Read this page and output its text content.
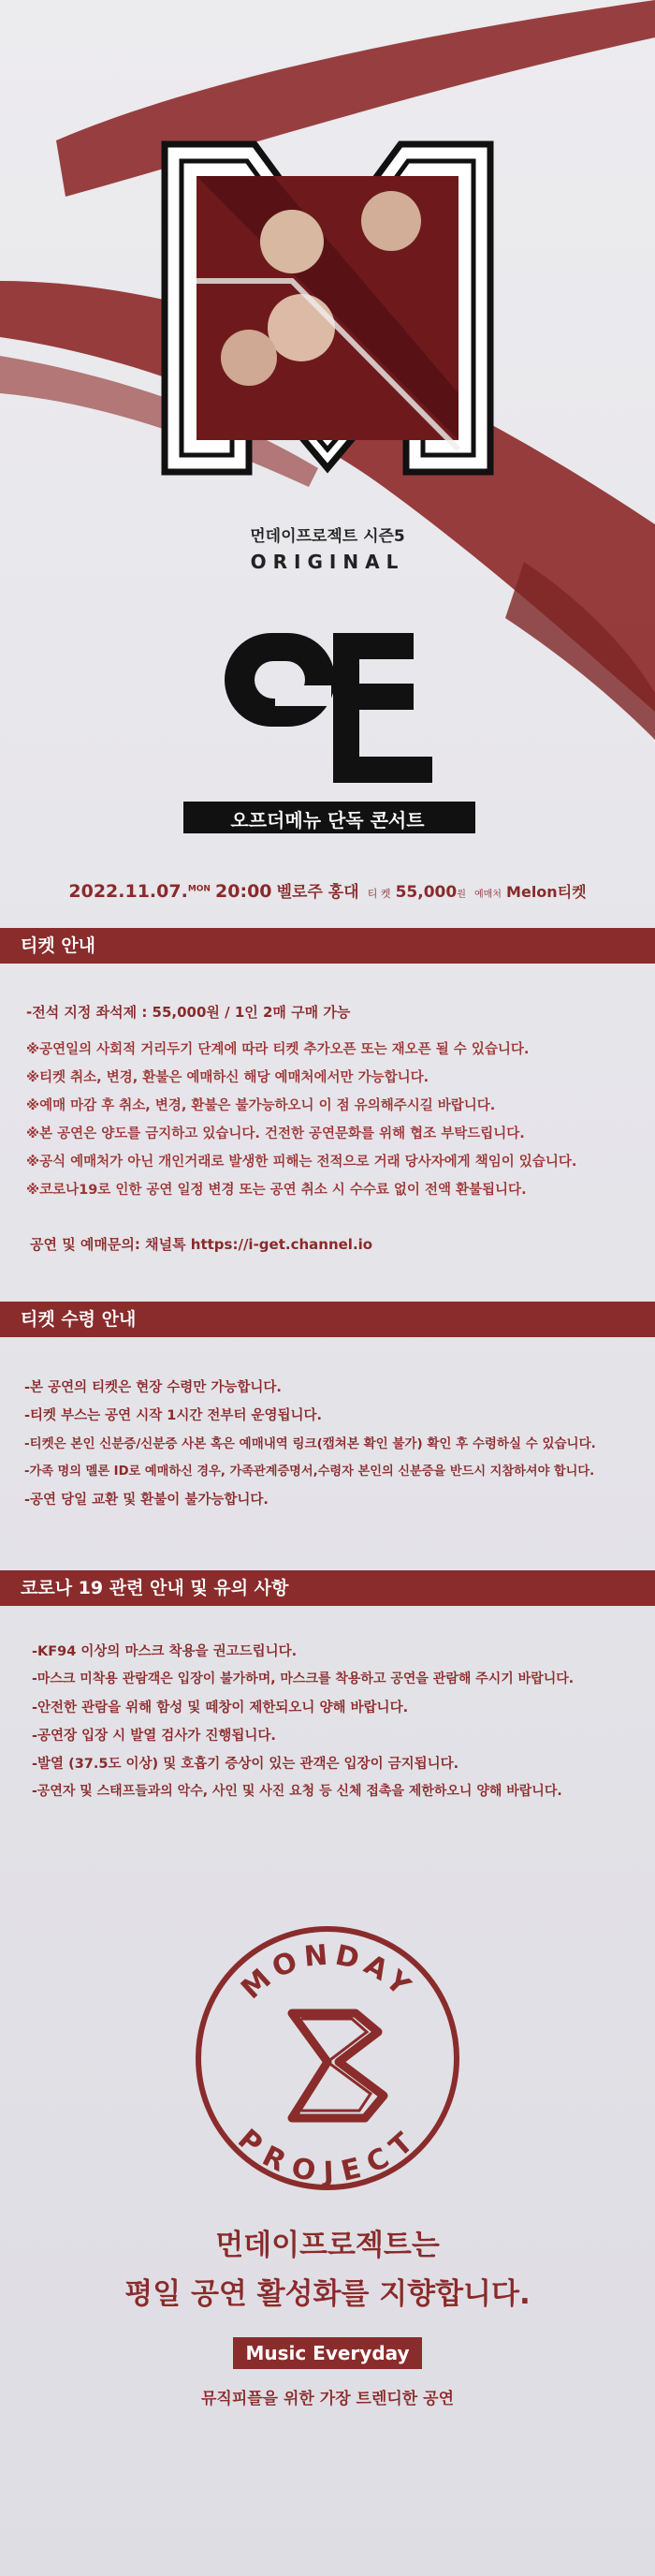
먼데이프로젝트 시즌5
ORIGINAL
오프더메뉴 단독 콘서트
2022.11.07.$^{MON}$ 20:00 벨로주 홍대 티 켓 55,000원 예매처 Melon티켓
티켓 안내
-전석 지정 좌석제 : 55,000원 / 1인 2매 구매 가능
※공연일의 사회적 거리두기 단계에 따라 티켓 추가오픈 또는 재오픈 될 수 있습니다.
※티켓 취소, 변경, 환불은 예매하신 해당 예매처에서만 가능합니다.
※예매 마감 후 취소, 변경, 환불은 불가능하오니 이 점 유의해주시길 바랍니다.
※본 공연은 양도를 금지하고 있습니다. 건전한 공연문화를 위해 협조 부탁드립니다.
※공식 예매처가 아닌 개인거래로 발생한 피해는 전적으로 거래 당사자에게 책임이 있습니다.
※코로나19로 인한 공연 일정 변경 또는 공연 취소 시 수수료 없이 전액 환불됩니다.
공연 및 예매문의: 채널톡 https://i-get.channel.io
티켓 수령 안내
-본 공연의 티켓은 현장 수령만 가능합니다.
-티켓 부스는 공연 시작 1시간 전부터 운영됩니다.
-티켓은 본인 신분증/신분증 사본 혹은 예매내역 링크(캡쳐본 확인 불가) 확인 후 수령하실 수 있습니다.
-가족 명의 멜론 ID로 예매하신 경우, 가족관계증명서,수령자 본인의 신분증을 반드시 지참하셔야 합니다.
-공연 당일 교환 및 환불이 불가능합니다.
코로나 19 관련 안내 및 유의 사항
-KF94 이상의 마스크 착용을 권고드립니다.
-마스크 미착용 관람객은 입장이 불가하며, 마스크를 착용하고 공연을 관람해 주시기 바랍니다.
-안전한 관람을 위해 함성 및 떼창이 제한되오니 양해 바랍니다.
-공연장 입장 시 발열 검사가 진행됩니다.
-발열 (37.5도 이상) 및 호흡기 증상이 있는 관객은 입장이 금지됩니다.
-공연자 및 스태프들과의 악수, 사인 및 사진 요청 등 신체 접촉을 제한하오니 양해 바랍니다.
MONDAY
PROJECT
먼데이프로젝트는
평일 공연 활성화를 지향합니다.
Music Everyday
뮤직피플을 위한 가장 트렌디한 공연
